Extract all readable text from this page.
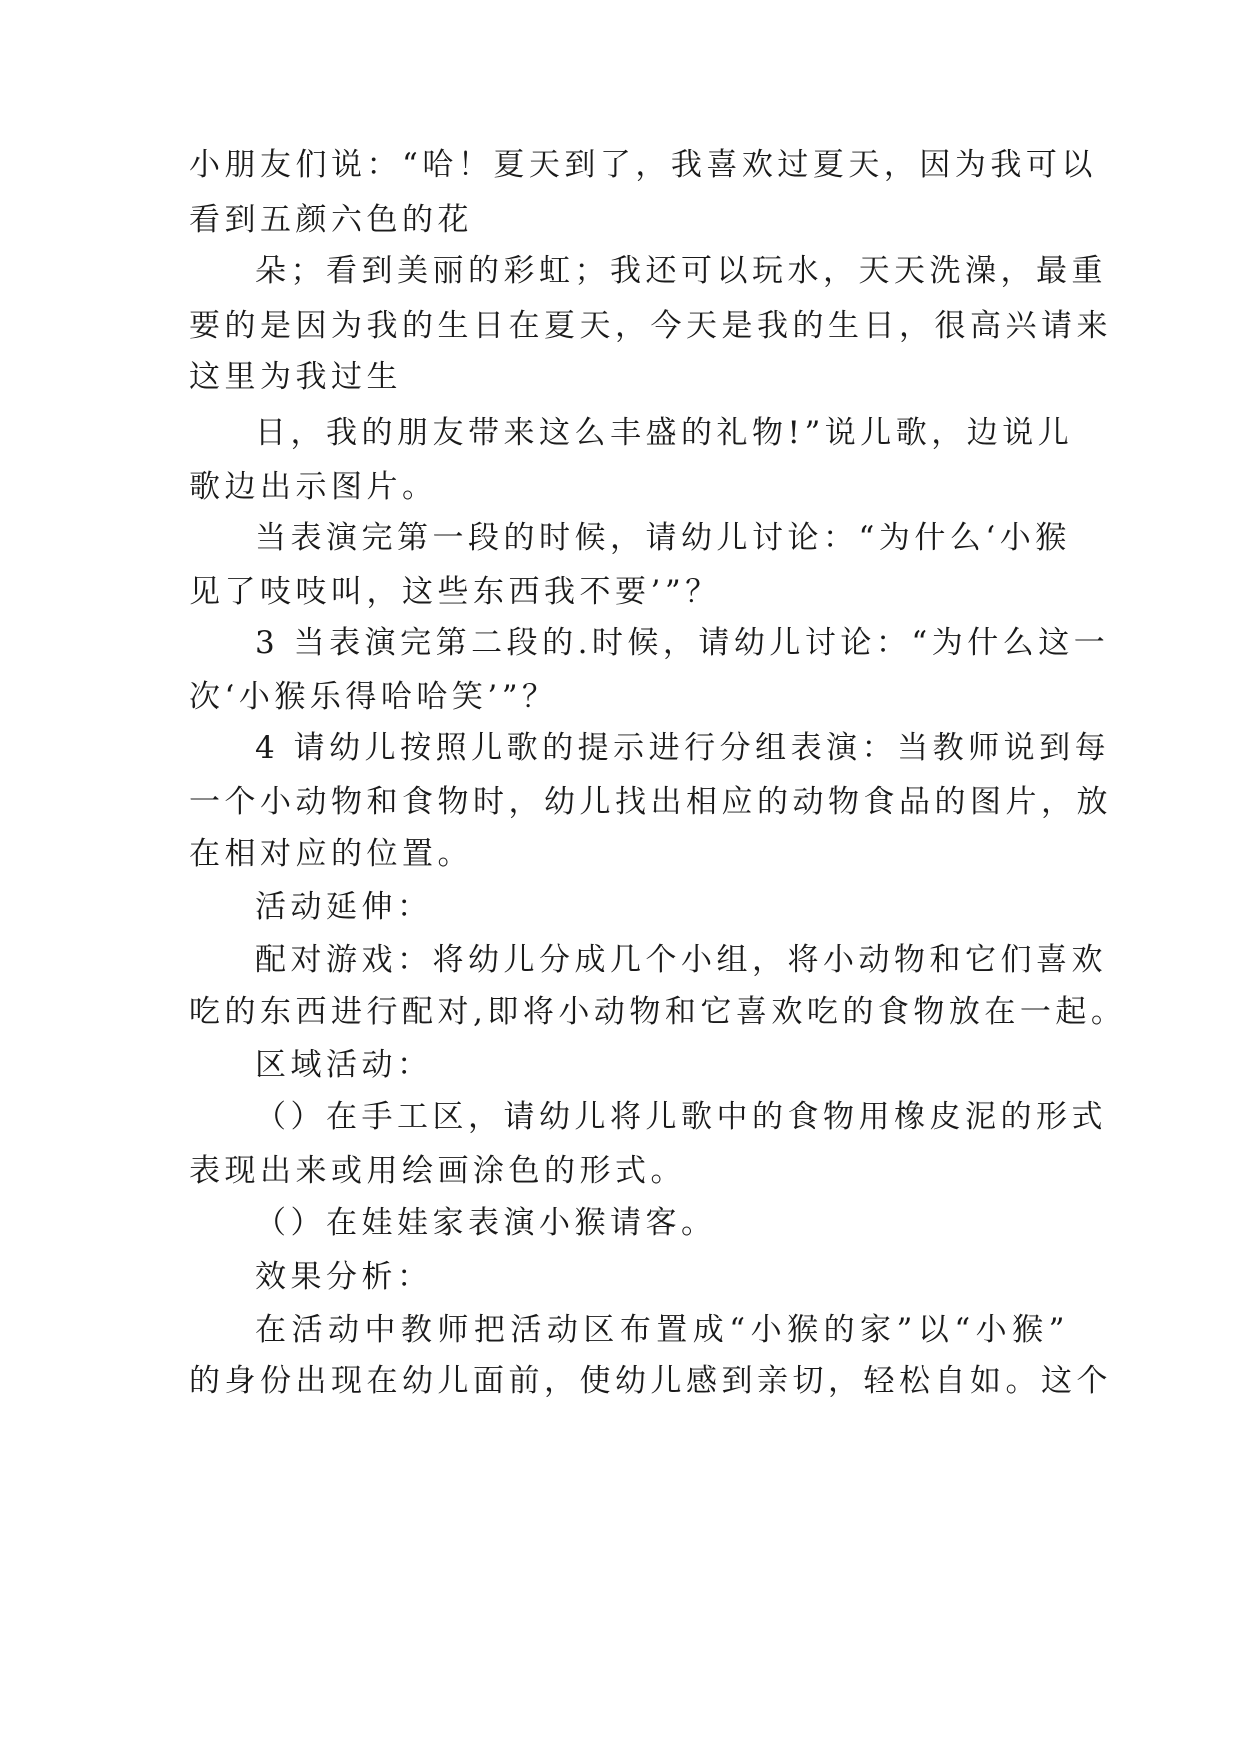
小朋友们说：“哈！夏天到了，我喜欢过夏天，因为我可以
看到五颜六色的花
朵；看到美丽的彩虹；我还可以玩水，天天洗澡，最重
要的是因为我的生日在夏天，今天是我的生日，很高兴请来
这里为我过生
日，我的朋友带来这么丰盛的礼物!”说儿歌，边说儿
歌边出示图片。
当表演完第一段的时候，请幼儿讨论：“为什么‘小猴
见了吱吱叫，这些东西我不要’”？
3 当表演完第二段的.时候，请幼儿讨论：“为什么这一
次‘小猴乐得哈哈笑’”？
4 请幼儿按照儿歌的提示进行分组表演：当教师说到每
一个小动物和食物时，幼儿找出相应的动物食品的图片，放
在相对应的位置。
活动延伸：
配对游戏：将幼儿分成几个小组，将小动物和它们喜欢
吃的东西进行配对,即将小动物和它喜欢吃的食物放在一起。
区域活动：
（）在手工区，请幼儿将儿歌中的食物用橡皮泥的形式
表现出来或用绘画涂色的形式。
（）在娃娃家表演小猴请客。
效果分析：
在活动中教师把活动区布置成“小猴的家”以“小猴”
的身份出现在幼儿面前，使幼儿感到亲切，轻松自如。这个
